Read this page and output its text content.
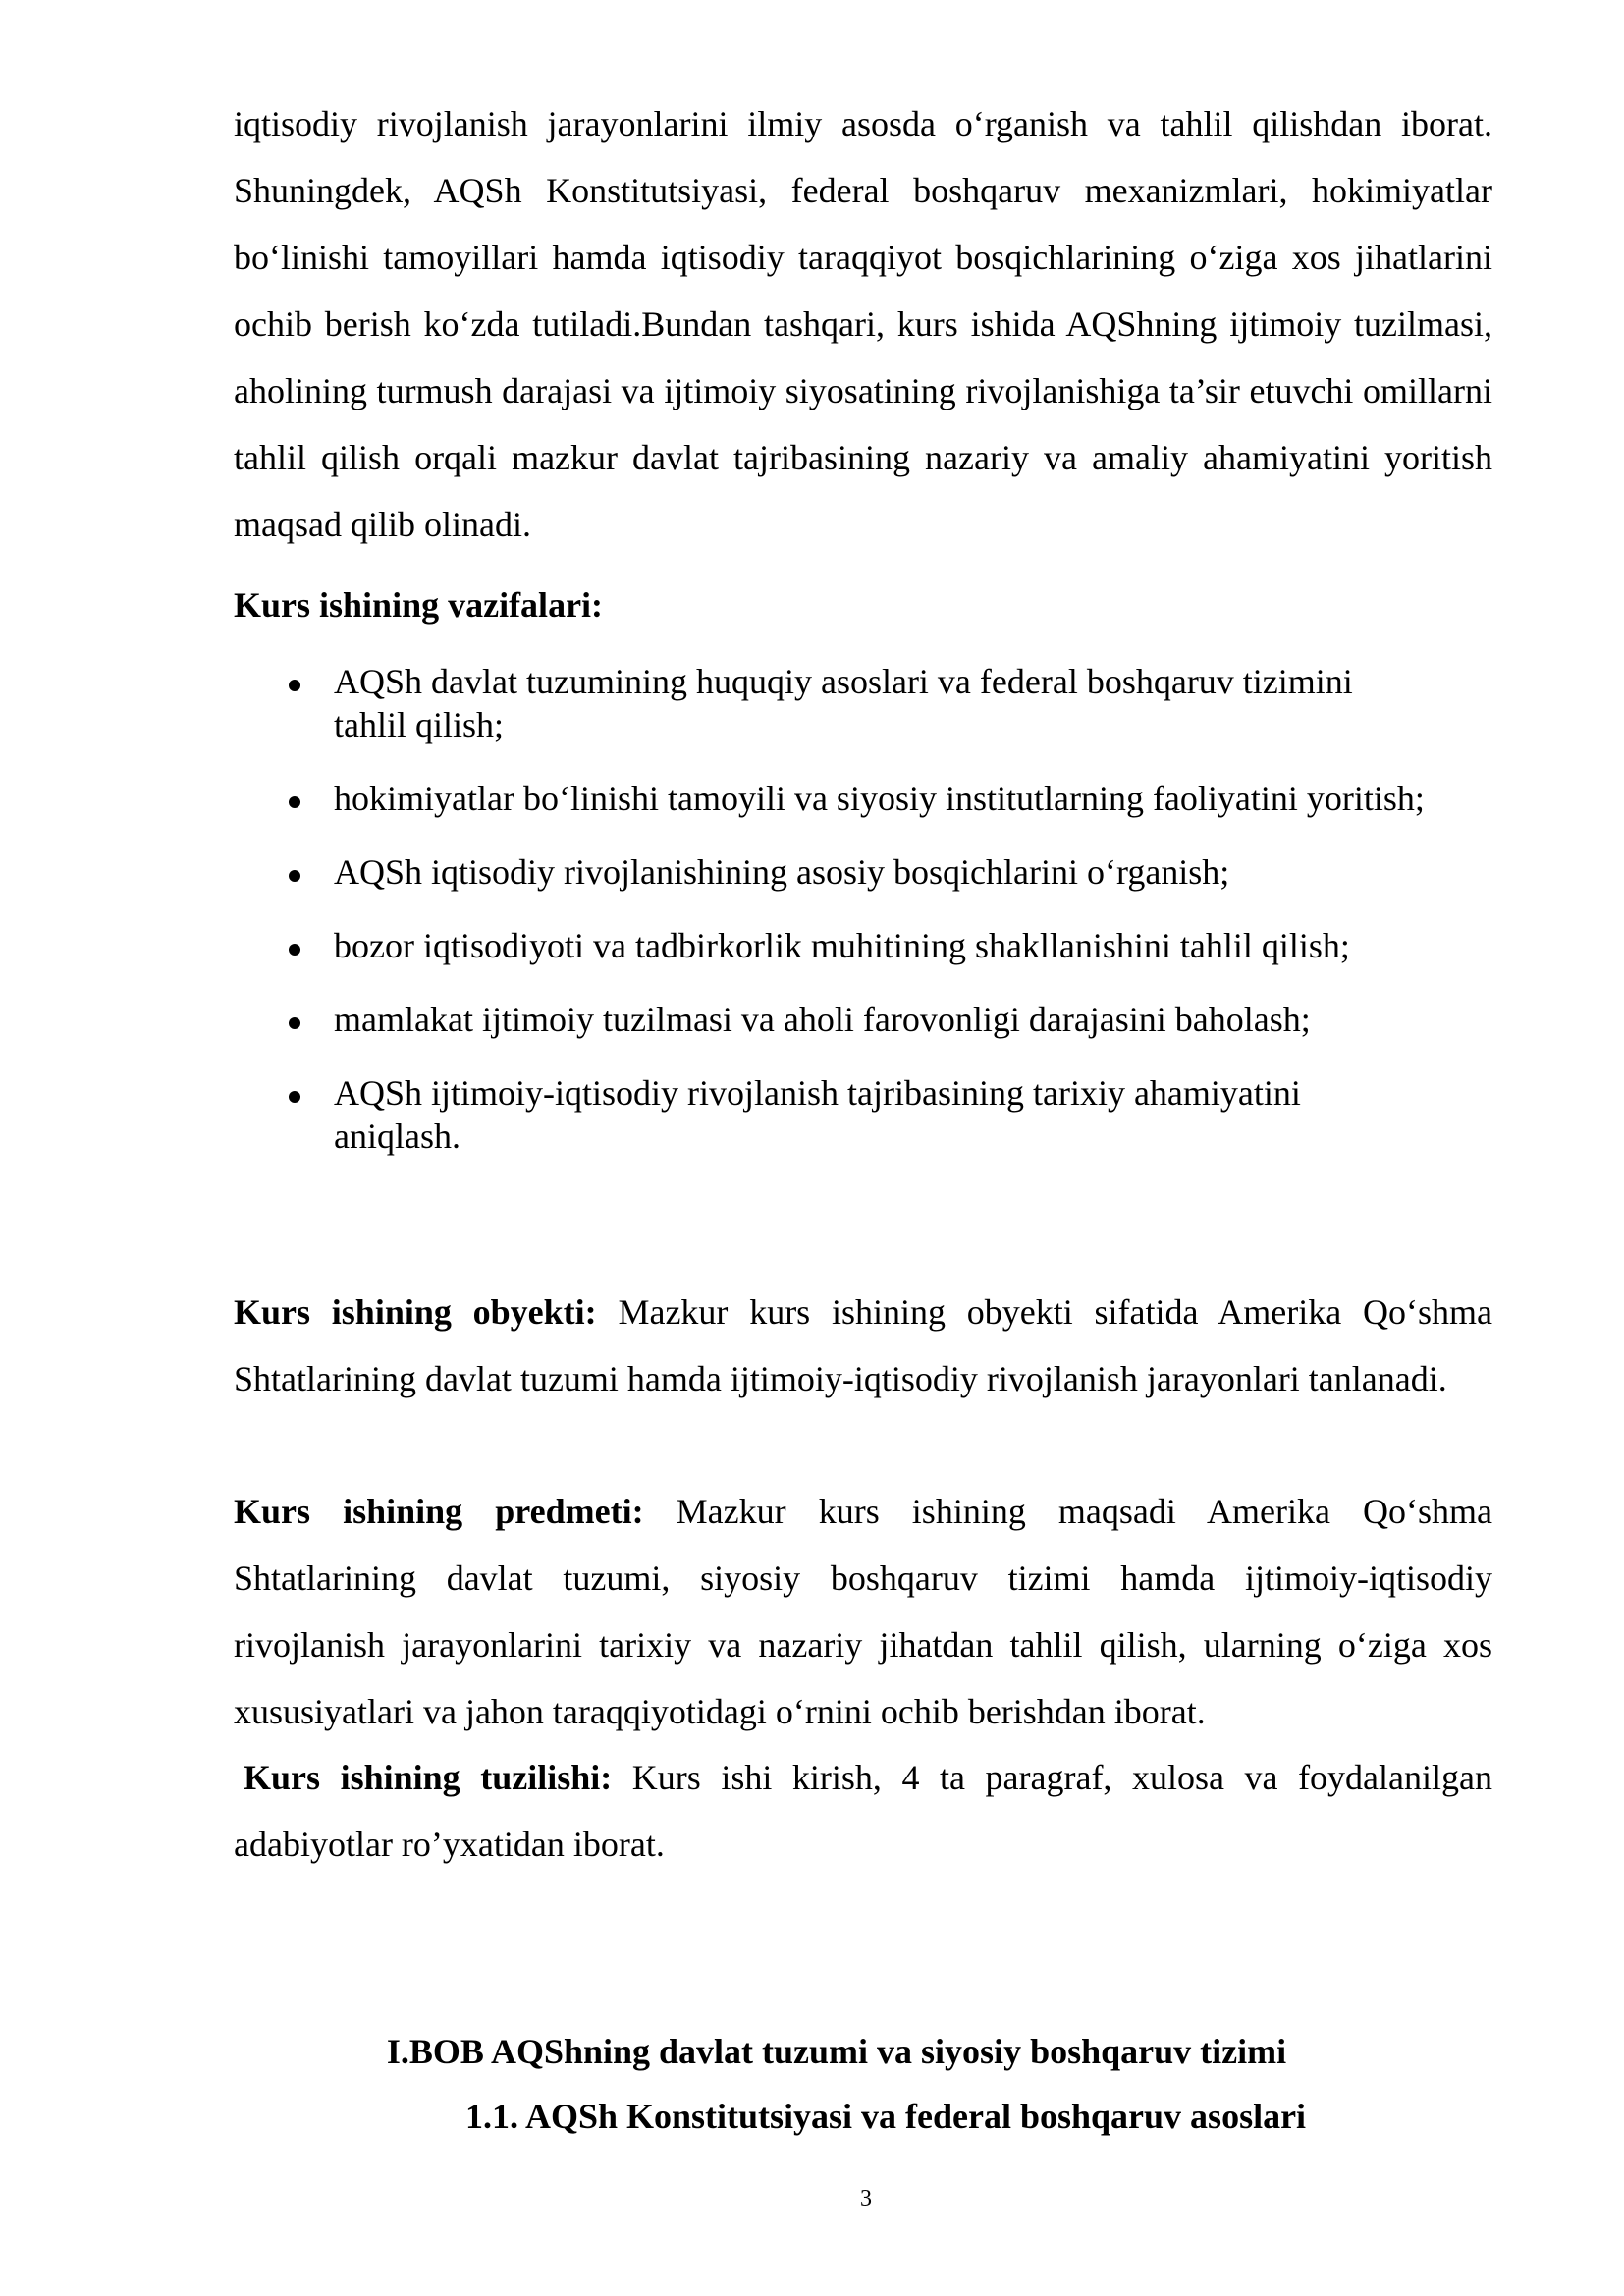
iqtisodiy rivojlanish jarayonlarini ilmiy asosda o‘rganish va tahlil qilishdan iborat. Shuningdek, AQSh Konstitutsiyasi, federal boshqaruv mexanizmlari, hokimiyatlar bo‘linishi tamoyillari hamda iqtisodiy taraqqiyot bosqichlarining o‘ziga xos jihatlarini ochib berish ko‘zda tutiladi.Bundan tashqari, kurs ishida AQShning ijtimoiy tuzilmasi, aholining turmush darajasi va ijtimoiy siyosatining rivojlanishiga ta’sir etuvchi omillarni tahlil qilish orqali mazkur davlat tajribasining nazariy va amaliy ahamiyatini yoritish maqsad qilib olinadi.

Kurs ishining vazifalari:

AQSh davlat tuzumining huquqiy asoslari va federal boshqaruv tizimini tahlil qilish;
hokimiyatlar bo‘linishi tamoyili va siyosiy institutlarning faoliyatini yoritish;
AQSh iqtisodiy rivojlanishining asosiy bosqichlarini o‘rganish;
bozor iqtisodiyoti va tadbirkorlik muhitining shakllanishini tahlil qilish;
mamlakat ijtimoiy tuzilmasi va aholi farovonligi darajasini baholash;
AQSh ijtimoiy-iqtisodiy rivojlanish tajribasining tarixiy ahamiyatini aniqlash.

Kurs ishining obyekti: Mazkur kurs ishining obyekti sifatida Amerika Qo‘shma Shtatlarining davlat tuzumi hamda ijtimoiy-iqtisodiy rivojlanish jarayonlari tanlanadi.

Kurs ishining predmeti: Mazkur kurs ishining maqsadi Amerika Qo‘shma Shtatlarining davlat tuzumi, siyosiy boshqaruv tizimi hamda ijtimoiy-iqtisodiy rivojlanish jarayonlarini tarixiy va nazariy jihatdan tahlil qilish, ularning o‘ziga xos xususiyatlari va jahon taraqqiyotidagi o‘rnini ochib berishdan iborat.

Kurs ishining tuzilishi: Kurs ishi kirish, 4 ta paragraf, xulosa va foydalanilgan adabiyotlar ro’yxatidan iborat.

I.BOB AQShning davlat tuzumi va siyosiy boshqaruv tizimi

1.1. AQSh Konstitutsiyasi va federal boshqaruv asoslari

3
